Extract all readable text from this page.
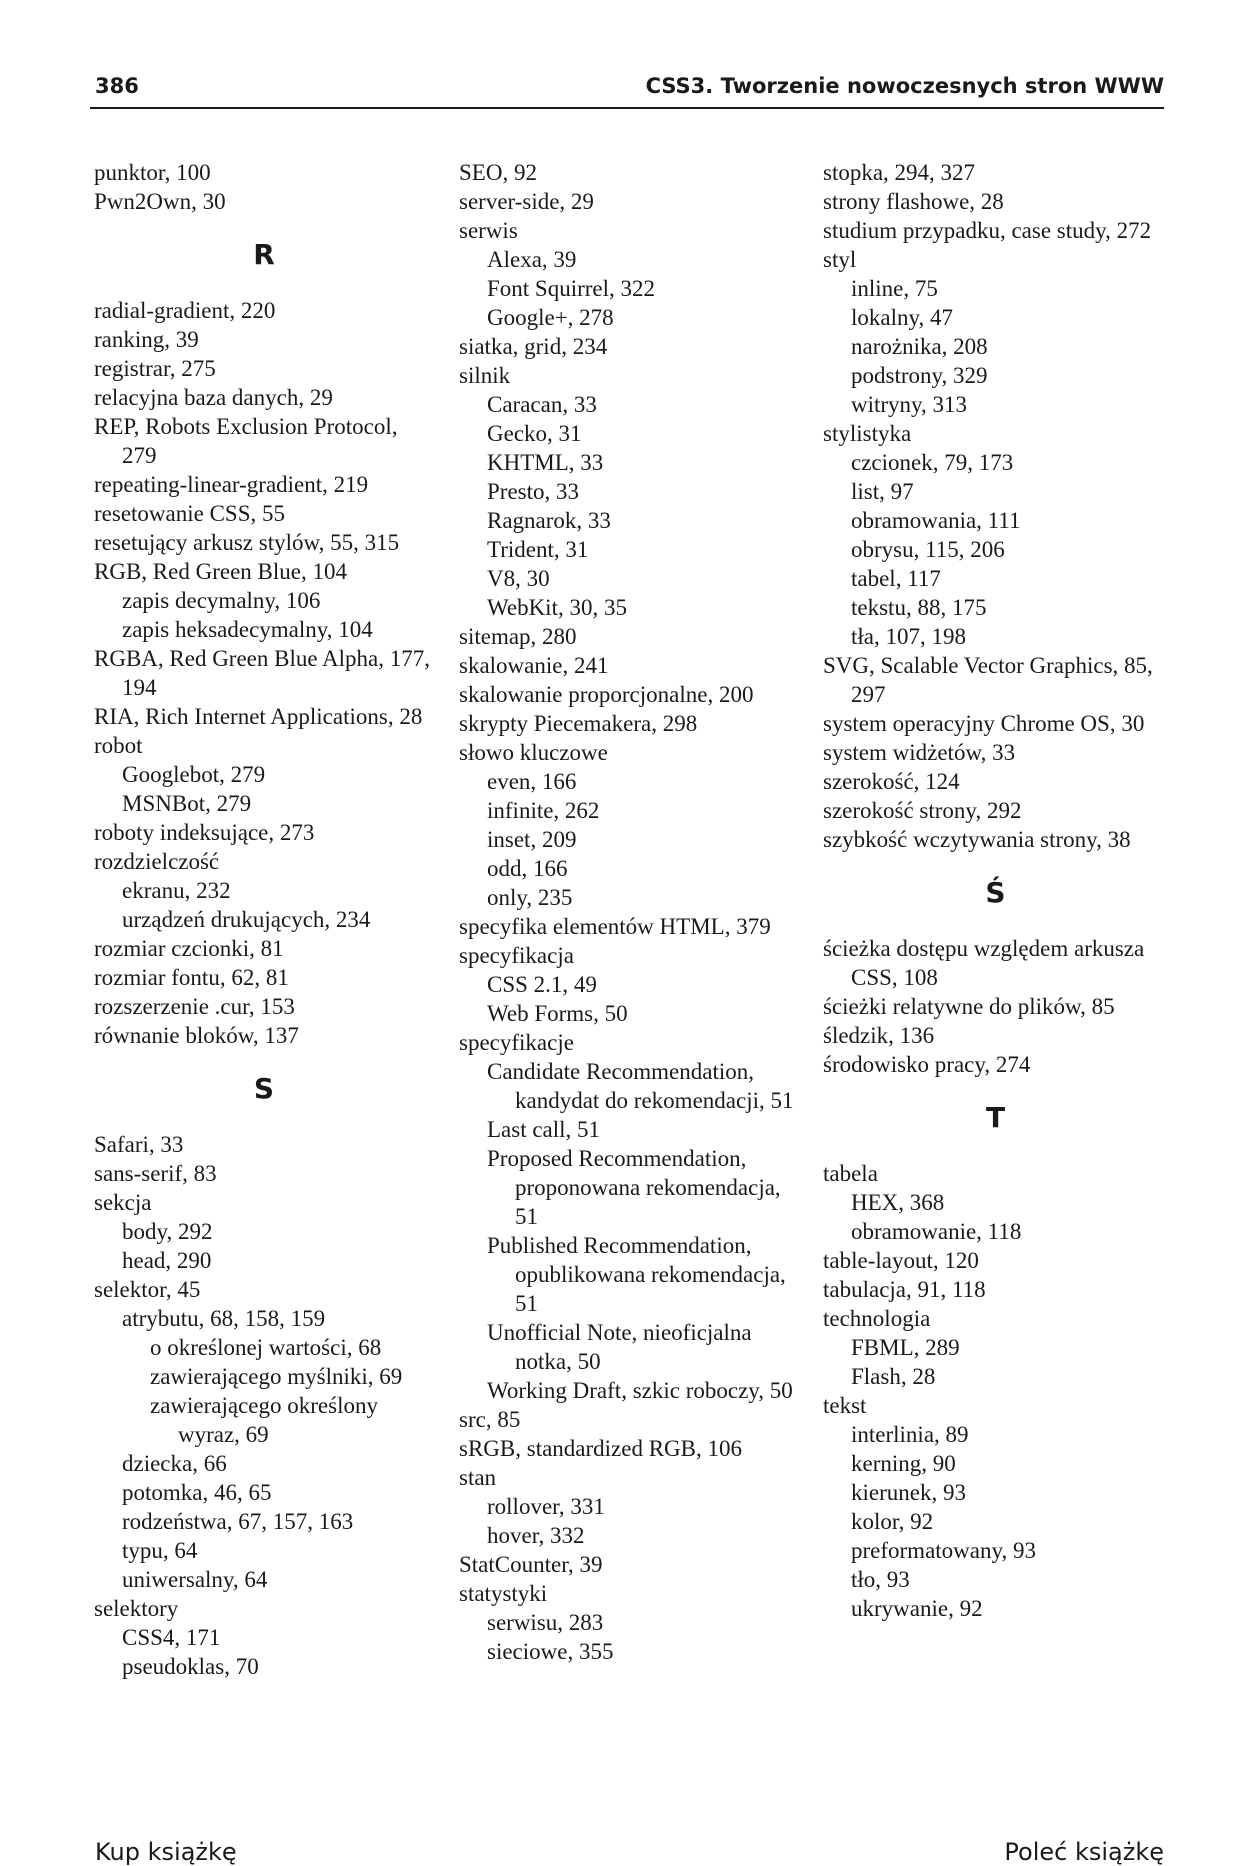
386	CSS3. Tworzenie nowoczesnych stron WWW
punktor, 100
Pwn2Own, 30
R
radial-gradient, 220
ranking, 39
registrar, 275
relacyjna baza danych, 29
REP, Robots Exclusion Protocol, 279
repeating-linear-gradient, 219
resetowanie CSS, 55
resetujący arkusz stylów, 55, 315
RGB, Red Green Blue, 104
zapis decymalny, 106
zapis heksadecymalny, 104
RGBA, Red Green Blue Alpha, 177, 194
RIA, Rich Internet Applications, 28
robot
Googlebot, 279
MSNBot, 279
roboty indeksujące, 273
rozdzielczość
ekranu, 232
urządzeń drukujących, 234
rozmiar czcionki, 81
rozmiar fontu, 62, 81
rozszerzenie .cur, 153
równanie bloków, 137
S
Safari, 33
sans-serif, 83
sekcja
body, 292
head, 290
selektor, 45
atrybutu, 68, 158, 159
o określonej wartości, 68
zawierającego myślniki, 69
zawierającego określony wyraz, 69
dziecka, 66
potomka, 46, 65
rodzeństwa, 67, 157, 163
typu, 64
uniwersalny, 64
selektory
CSS4, 171
pseudoklas, 70
SEO, 92
server-side, 29
serwis
Alexa, 39
Font Squirrel, 322
Google+, 278
siatka, grid, 234
silnik
Caracan, 33
Gecko, 31
KHTML, 33
Presto, 33
Ragnarok, 33
Trident, 31
V8, 30
WebKit, 30, 35
sitemap, 280
skalowanie, 241
skalowanie proporcjonalne, 200
skrypty Piecemakera, 298
słowo kluczowe
even, 166
infinite, 262
inset, 209
odd, 166
only, 235
specyfika elementów HTML, 379
specyfikacja
CSS 2.1, 49
Web Forms, 50
specyfikacje
Candidate Recommendation, kandydat do rekomendacji, 51
Last call, 51
Proposed Recommendation, proponowana rekomendacja, 51
Published Recommendation, opublikowana rekomendacja, 51
Unofficial Note, nieoficjalna notka, 50
Working Draft, szkic roboczy, 50
src, 85
sRGB, standardized RGB, 106
stan
rollover, 331
hover, 332
StatCounter, 39
statystyki
serwisu, 283
sieciowe, 355
stopka, 294, 327
strony flashowe, 28
studium przypadku, case study, 272
styl
inline, 75
lokalny, 47
narożnika, 208
podstrony, 329
witryny, 313
stylistyka
czcionek, 79, 173
list, 97
obramowania, 111
obrysu, 115, 206
tabel, 117
tekstu, 88, 175
tła, 107, 198
SVG, Scalable Vector Graphics, 85, 297
system operacyjny Chrome OS, 30
system widżetów, 33
szerokość, 124
szerokość strony, 292
szybkość wczytywania strony, 38
Ś
ścieżka dostępu względem arkusza CSS, 108
ścieżki relatywne do plików, 85
śledzik, 136
środowisko pracy, 274
T
tabela
HEX, 368
obramowanie, 118
table-layout, 120
tabulacja, 91, 118
technologia
FBML, 289
Flash, 28
tekst
interlinia, 89
kerning, 90
kierunek, 93
kolor, 92
preformatowany, 93
tło, 93
ukrywanie, 92
Kup książkę	Poleć książkę
